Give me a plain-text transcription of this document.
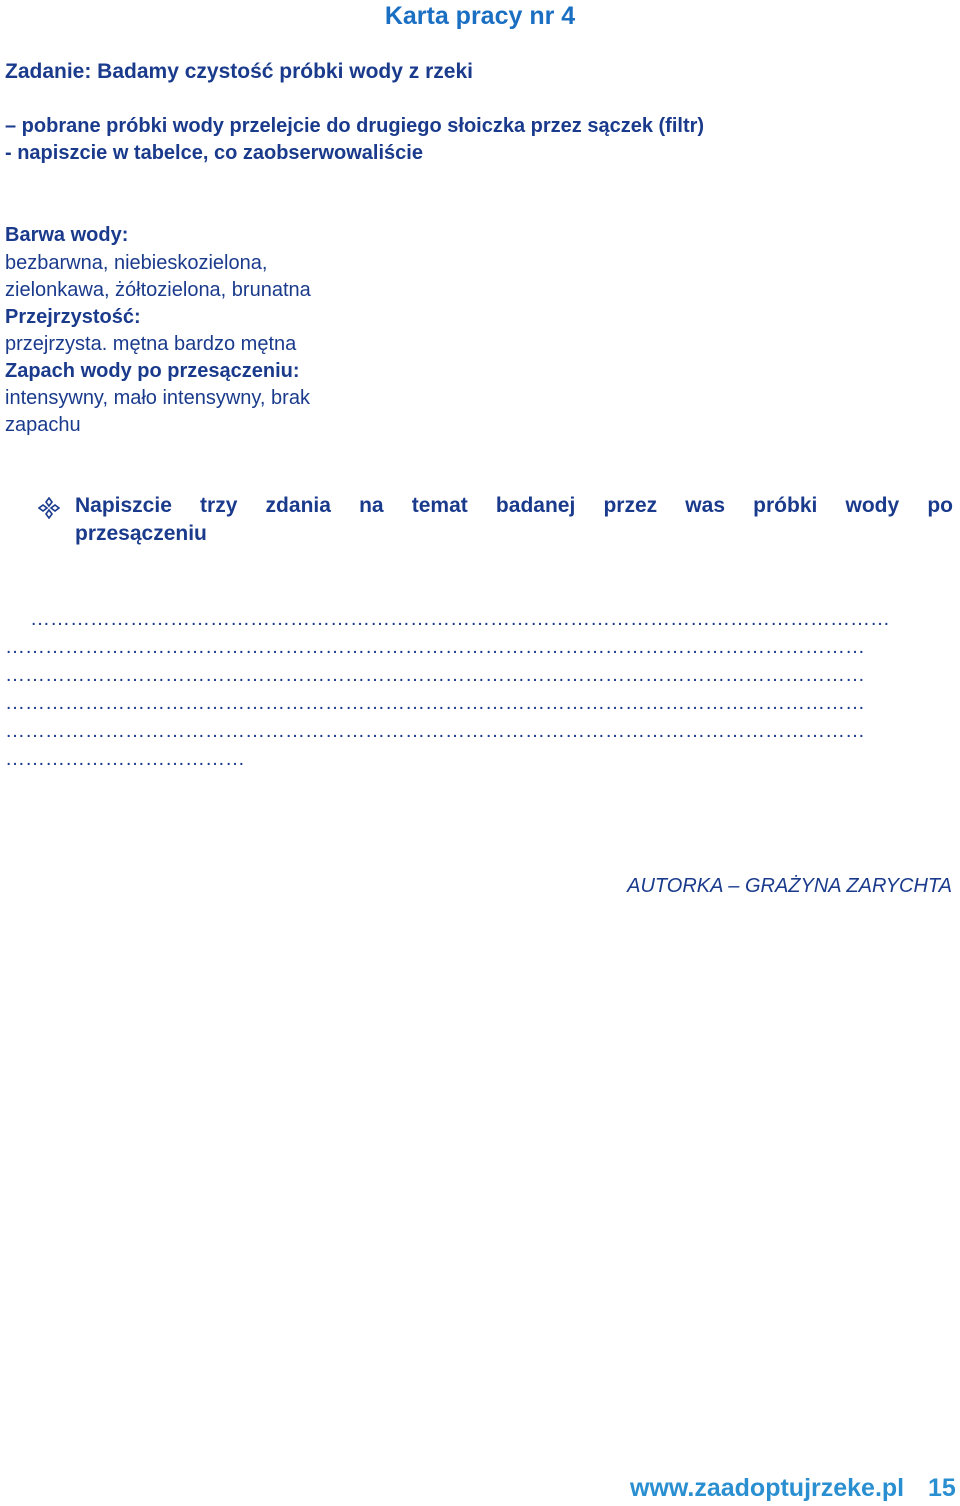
Karta pracy nr 4
Zadanie: Badamy czystość próbki wody z rzeki
– pobrane próbki wody przelejcie do drugiego słoiczka przez sączek (filtr)
- napiszcie w tabelce, co zaobserwowaliście
Barwa wody:
bezbarwna, niebieskozielona,
zielonkawa, żółtozielona, brunatna
Przejrzystość:
przejrzysta. mętna bardzo mętna
Zapach wody po przesączeniu:
intensywny, mało intensywny, brak
zapachu
Napiszcie trzy zdania na temat badanej przez was próbki wody po
przesączeniu
…………………………………………………………………………………………………………………
…………………………………………………………………………………………………………………
…………………………………………………………………………………………………………………
…………………………………………………………………………………………………………………
…………………………………………………………………………………………………………………
………………………………
AUTORKA – GRAŻYNA ZARYCHTA
www.zaadoptujrzeke.pl 15
